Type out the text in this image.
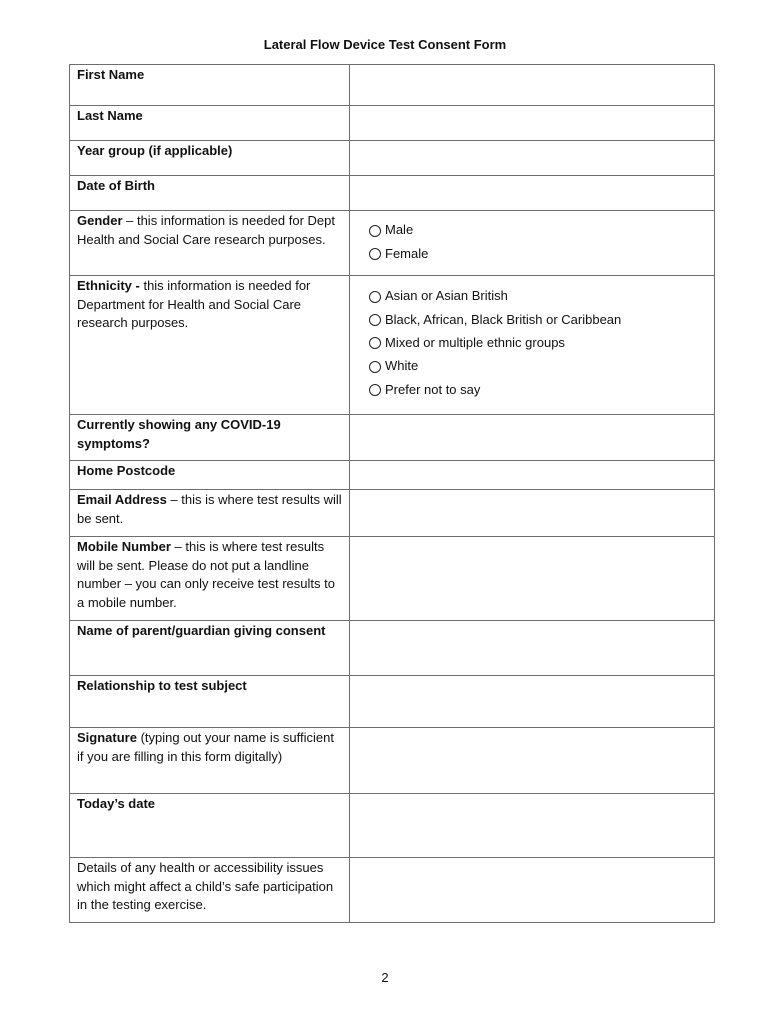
Lateral Flow Device Test Consent Form
First Name	
Last Name	
Year group (if applicable)	
Date of Birth	
Gender – this information is needed for Dept Health and Social Care research purposes.	Male
Female

Ethnicity - this information is needed for Department for Health and Social Care research purposes.	Asian or Asian British
Black, African, Black British or Caribbean
Mixed or multiple ethnic groups
White
Prefer not to say

Currently showing any COVID-19 symptoms?	
Home Postcode	
Email Address – this is where test results will be sent.	
Mobile Number – this is where test results will be sent. Please do not put a landline number – you can only receive test results to a mobile number.	
Name of parent/guardian giving consent	
Relationship to test subject	
Signature (typing out your name is sufficient if you are filling in this form digitally)	
Today’s date	
Details of any health or accessibility issues which might affect a child’s safe participation in the testing exercise.	
2
